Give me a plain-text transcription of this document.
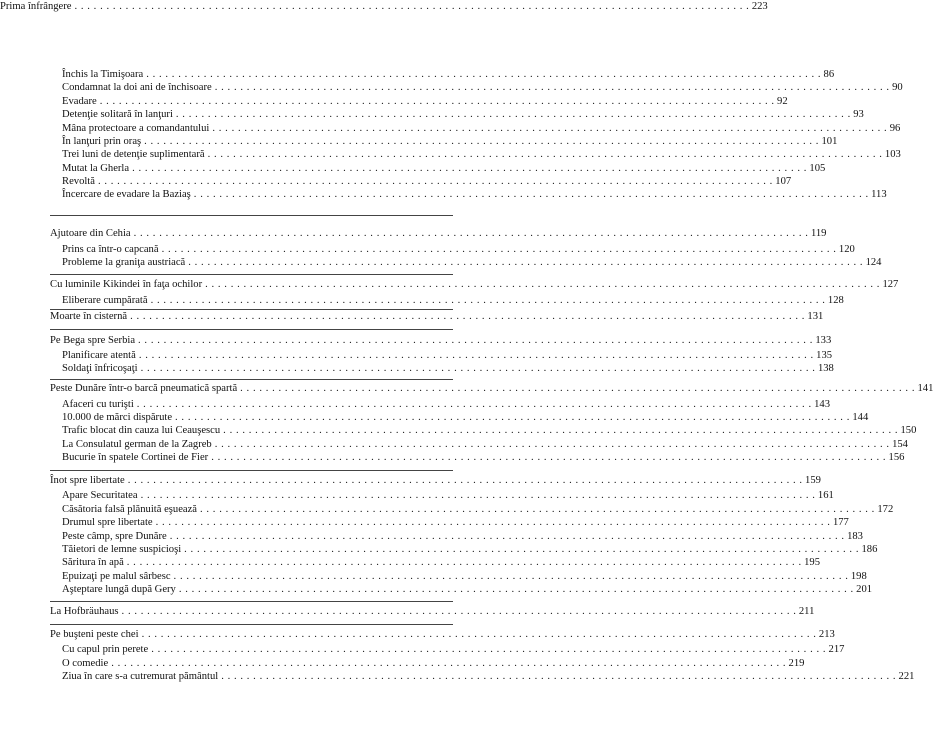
Închis la Timişoara . . .	86
Condamnat la doi ani de închisoare . . .	90
Evadare . . .	92
Detenţie solitară în lanţuri . . .	93
Mâna protectoare a comandantului . . .	96
În lanţuri prin oraş . . .	101
Trei luni de detenţie suplimentară . . .	103
Mutat la Gherla . . .	105
Revoltă . . .	107
Încercare de evadare la Baziaş . . .	113
Ajutoare din Cehia . . .	119
Prins ca într-o capcană . . .	120
Probleme la graniţa austriacă . . .	124
Cu luminile Kikindei în faţa ochilor . . .	127
Eliberare cumpărată . . .	128
Moarte în cisternă . . .	131
Pe Bega spre Serbia . . .	133
Planificare atentă . . .	135
Soldaţi înfricoşaţi . . .	138
Peste Dunăre într-o barcă pneumatică spartă . . .	141
Afaceri cu turişti . . .	143
10.000 de mărci dispărute . . .	144
Trafic blocat din cauza lui Ceauşescu . . .	150
La Consulatul german de la Zagreb . . .	154
Bucurie în spatele Cortinei de Fier . . .	156
Înot spre libertate . . .	159
Apare Securitatea . . .	161
Căsătoria falsă plănuită eşuează . . .	172
Drumul spre libertate . . .	177
Peste câmp, spre Dunăre . . .	183
Tăietori de lemne suspicioşi . . .	186
Săritura în apă . . .	195
Epuizaţi pe malul sârbesc . . .	198
Aşteptare lungă după Gery . . .	201
La Hofbräuhaus . . .	211
Pe buşteni peste chei . . .	213
Cu capul prin perete . . .	217
O comedie . . .	219
Ziua în care s-a cutremurat pământul . . .	221
Prima înfrângere . . .	223
